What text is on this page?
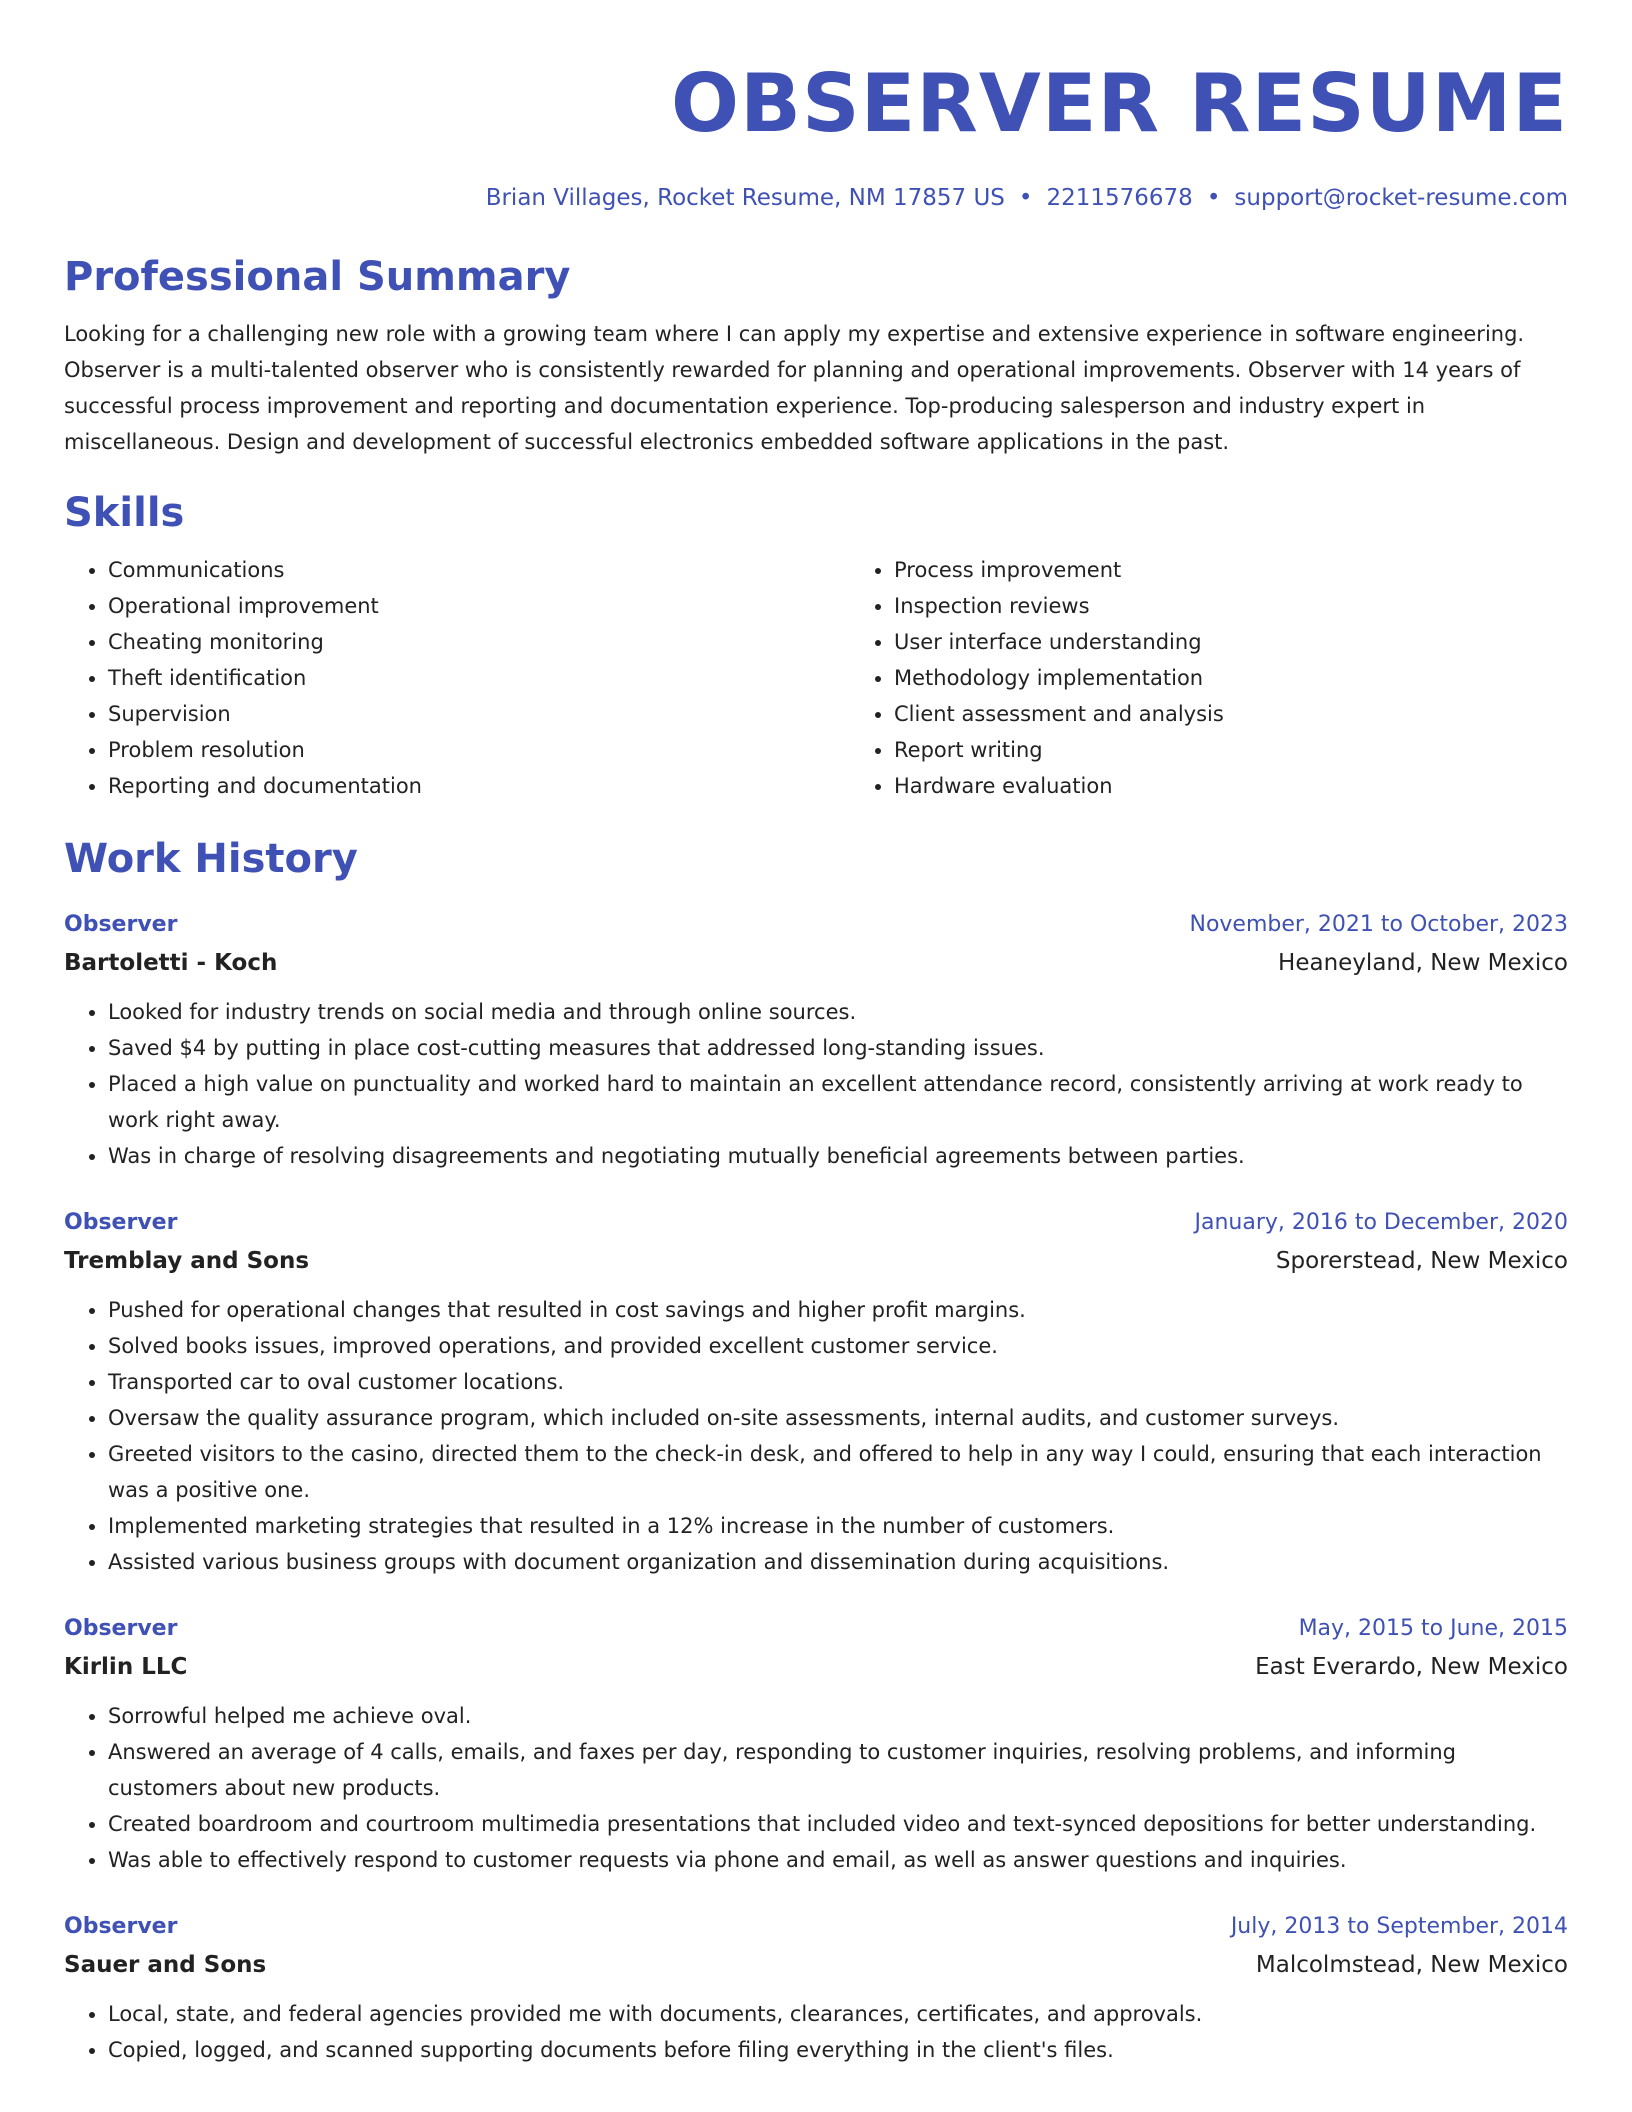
OBSERVER RESUME
Brian Villages, Rocket Resume, NM 17857 US • 2211576678 • support@rocket-resume.com
Professional Summary
Looking for a challenging new role with a growing team where I can apply my expertise and extensive experience in software engineering. Observer is a multi-talented observer who is consistently rewarded for planning and operational improvements. Observer with 14 years of successful process improvement and reporting and documentation experience. Top-producing salesperson and industry expert in miscellaneous. Design and development of successful electronics embedded software applications in the past.
Skills
• Communications
• Operational improvement
• Cheating monitoring
• Theft identification
• Supervision
• Problem resolution
• Reporting and documentation
• Process improvement
• Inspection reviews
• User interface understanding
• Methodology implementation
• Client assessment and analysis
• Report writing
• Hardware evaluation
Work History
Observer	November, 2021 to October, 2023
Bartoletti - Koch	Heaneyland, New Mexico
• Looked for industry trends on social media and through online sources.
• Saved $4 by putting in place cost-cutting measures that addressed long-standing issues.
• Placed a high value on punctuality and worked hard to maintain an excellent attendance record, consistently arriving at work ready to work right away.
• Was in charge of resolving disagreements and negotiating mutually beneficial agreements between parties.
Observer	January, 2016 to December, 2020
Tremblay and Sons	Sporerstead, New Mexico
• Pushed for operational changes that resulted in cost savings and higher profit margins.
• Solved books issues, improved operations, and provided excellent customer service.
• Transported car to oval customer locations.
• Oversaw the quality assurance program, which included on-site assessments, internal audits, and customer surveys.
• Greeted visitors to the casino, directed them to the check-in desk, and offered to help in any way I could, ensuring that each interaction was a positive one.
• Implemented marketing strategies that resulted in a 12% increase in the number of customers.
• Assisted various business groups with document organization and dissemination during acquisitions.
Observer	May, 2015 to June, 2015
Kirlin LLC	East Everardo, New Mexico
• Sorrowful helped me achieve oval.
• Answered an average of 4 calls, emails, and faxes per day, responding to customer inquiries, resolving problems, and informing customers about new products.
• Created boardroom and courtroom multimedia presentations that included video and text-synced depositions for better understanding.
• Was able to effectively respond to customer requests via phone and email, as well as answer questions and inquiries.
Observer	July, 2013 to September, 2014
Sauer and Sons	Malcolmstead, New Mexico
• Local, state, and federal agencies provided me with documents, clearances, certificates, and approvals.
• Copied, logged, and scanned supporting documents before filing everything in the client's files.
